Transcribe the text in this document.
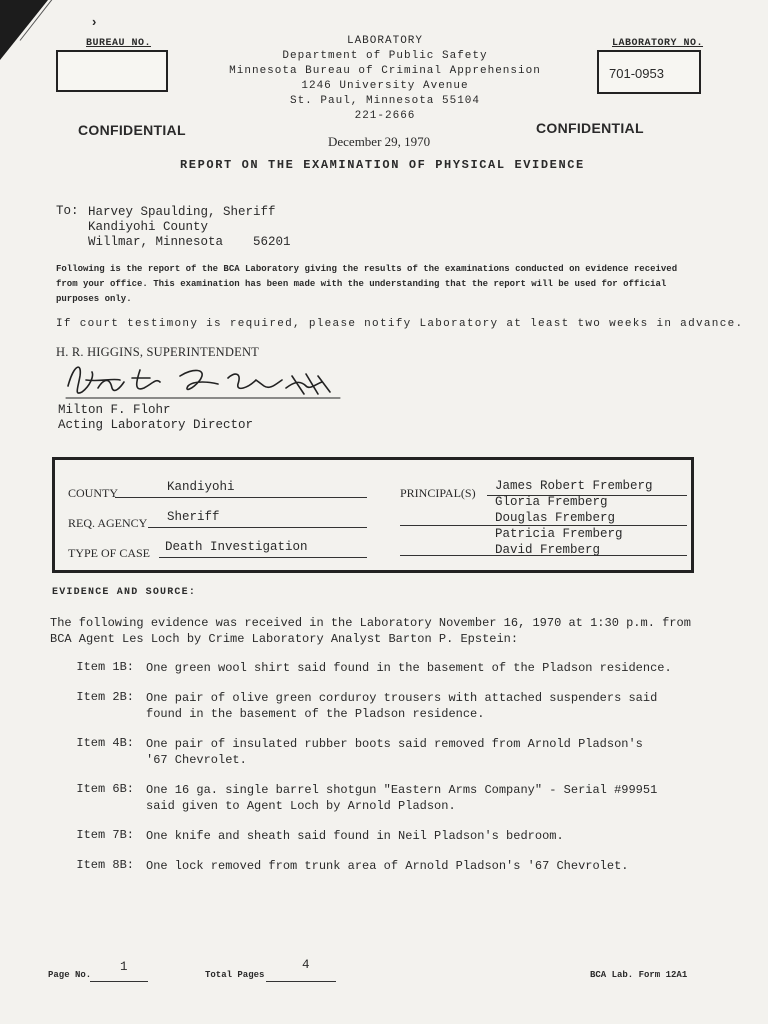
›
BUREAU NO.	LABORATORY NO.
701-0953
LABORATORY
Department of Public Safety
Minnesota Bureau of Criminal Apprehension
1246 University Avenue
St. Paul, Minnesota 55104
221-2666
CONFIDENTIAL	CONFIDENTIAL
December 29, 1970
REPORT ON THE EXAMINATION OF PHYSICAL EVIDENCE
To: Harvey Spaulding, Sheriff
Kandiyohi County
Willmar, Minnesota    56201
Following is the report of the BCA Laboratory giving the results of the examinations conducted on evidence received
from your office. This examination has been made with the understanding that the report will be used for official
purposes only.
If court testimony is required, please notify Laboratory at least two weeks in advance.
H. R. HIGGINS, SUPERINTENDENT
Milton F. Flohr
Acting Laboratory Director
COUNTY	Kandiyohi
REQ. AGENCY Sheriff
TYPE OF CASE Death Investigation
PRINCIPAL(S) James Robert Fremberg
Gloria Fremberg
Douglas Fremberg
Patricia Fremberg
David Fremberg
EVIDENCE AND SOURCE:
The following evidence was received in the Laboratory November 16, 1970 at 1:30 p.m. from
BCA Agent Les Loch by Crime Laboratory Analyst Barton P. Epstein:
Item 1B: One green wool shirt said found in the basement of the Pladson residence.
Item 2B: One pair of olive green corduroy trousers with attached suspenders said
found in the basement of the Pladson residence.
Item 4B: One pair of insulated rubber boots said removed from Arnold Pladson's
'67 Chevrolet.
Item 6B: One 16 ga. single barrel shotgun "Eastern Arms Company" - Serial #99951
said given to Agent Loch by Arnold Pladson.
Item 7B: One knife and sheath said found in Neil Pladson's bedroom.
Item 8B: One lock removed from trunk area of Arnold Pladson's '67 Chevrolet.
Page No.
1
Total Pages
4
BCA Lab. Form 12A1
